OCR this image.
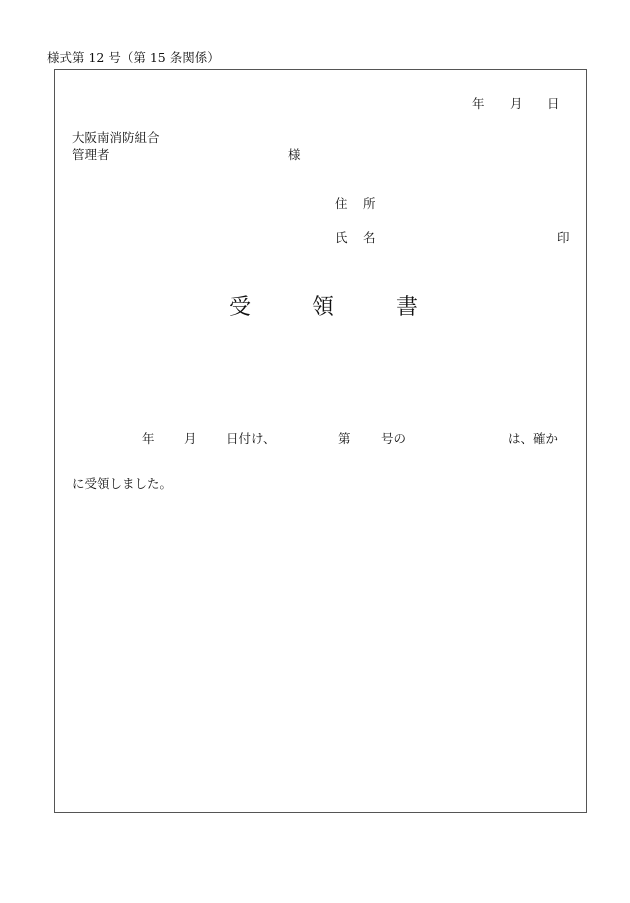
様式第 12 号（第 15 条関係）
年 月 日
大阪南消防組合
管理者	様
住 所
氏 名	印
受	領	書
年 月 日付け、	第 号の	は、確か
に受領しました。
